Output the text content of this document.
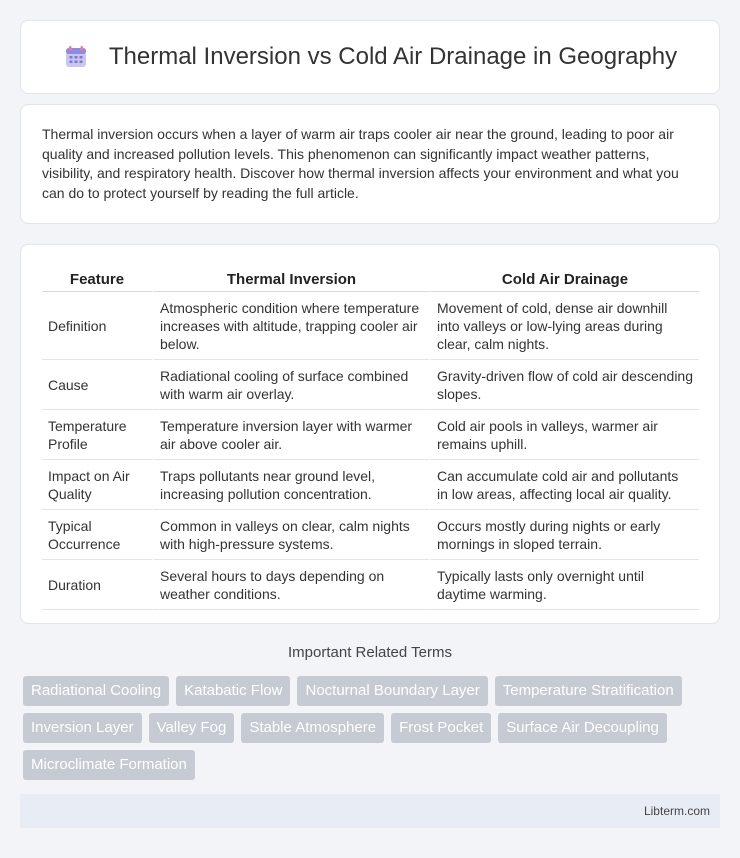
Thermal Inversion vs Cold Air Drainage in Geography

Thermal inversion occurs when a layer of warm air traps cooler air near the ground, leading to poor air quality and increased pollution levels. This phenomenon can significantly impact weather patterns, visibility, and respiratory health. Discover how thermal inversion affects your environment and what you can do to protect yourself by reading the full article.

Feature	Thermal Inversion	Cold Air Drainage
Definition	Atmospheric condition where temperature increases with altitude, trapping cooler air below.	Movement of cold, dense air downhill into valleys or low-lying areas during clear, calm nights.
Cause	Radiational cooling of surface combined with warm air overlay.	Gravity-driven flow of cold air descending slopes.
Temperature Profile	Temperature inversion layer with warmer air above cooler air.	Cold air pools in valleys, warmer air remains uphill.
Impact on Air Quality	Traps pollutants near ground level, increasing pollution concentration.	Can accumulate cold air and pollutants in low areas, affecting local air quality.
Typical Occurrence	Common in valleys on clear, calm nights with high-pressure systems.	Occurs mostly during nights or early mornings in sloped terrain.
Duration	Several hours to days depending on weather conditions.	Typically lasts only overnight until daytime warming.
Important Related Terms
Radiational Cooling	Katabatic Flow	Nocturnal Boundary Layer	Temperature Stratification
Inversion Layer	Valley Fog	Stable Atmosphere	Frost Pocket	Surface Air Decoupling
Microclimate Formation
Libterm.com
